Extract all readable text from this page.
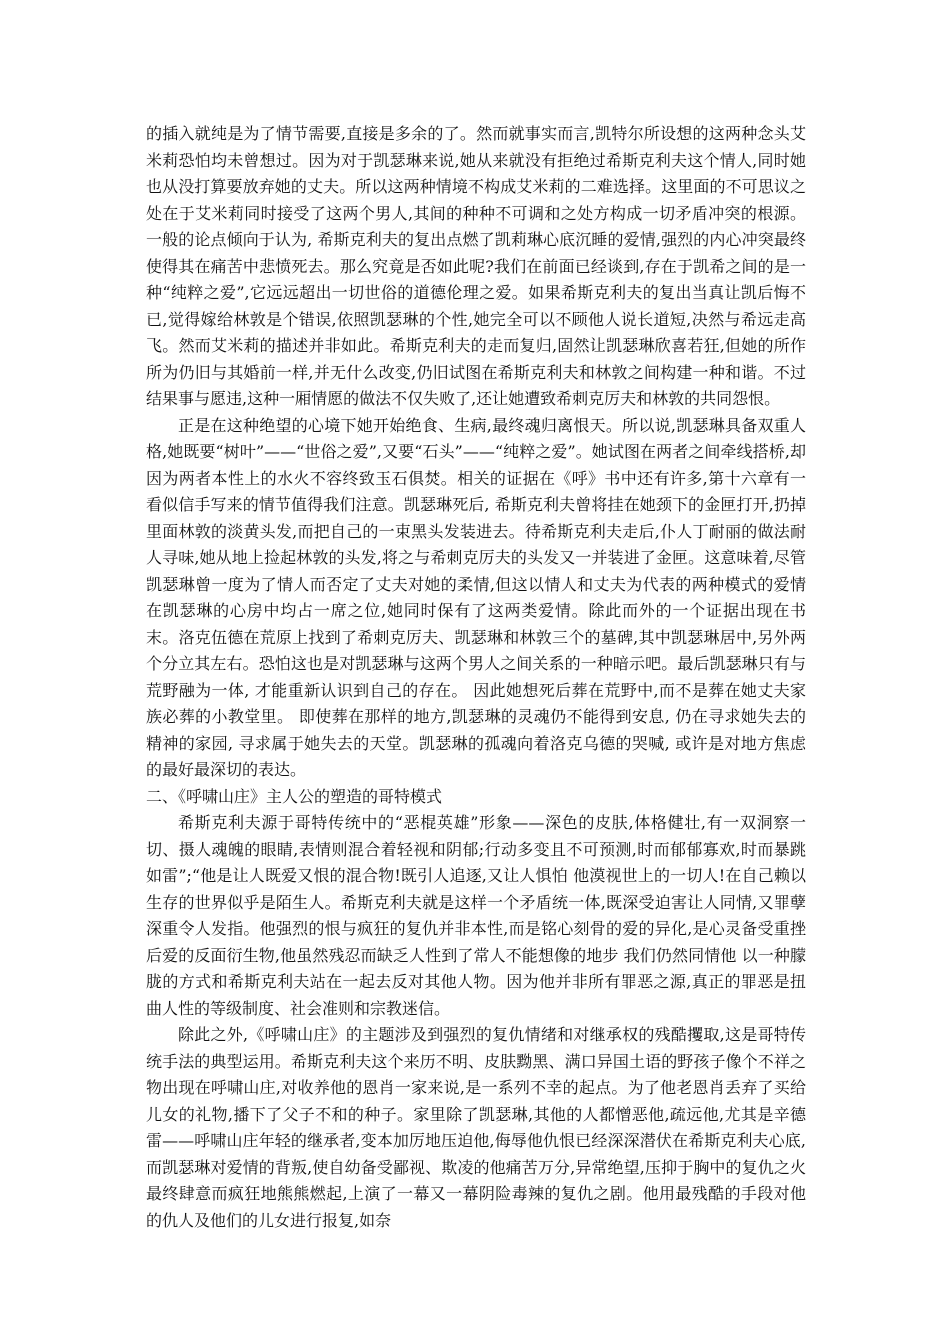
的插入就纯是为了情节需要,直接是多余的了。然而就事实而言,凯特尔所设想的这两种念头艾米莉恐怕均未曾想过。因为对于凯瑟琳来说,她从来就没有拒绝过希斯克利夫这个情人,同时她也从没打算要放弃她的丈夫。所以这两种情境不构成艾米莉的二难选择。这里面的不可思议之处在于艾米莉同时接受了这两个男人,其间的种种不可调和之处方构成一切矛盾冲突的根源。一般的论点倾向于认为, 希斯克利夫的复出点燃了凯莉琳心底沉睡的爱情,强烈的内心冲突最终使得其在痛苦中悲愤死去。那么究竟是否如此呢?我们在前面已经谈到,存在于凯希之间的是一种“纯粹之爱”,它远远超出一切世俗的道德伦理之爱。如果希斯克利夫的复出当真让凯后悔不已,觉得嫁给林敦是个错误,依照凯瑟琳的个性,她完全可以不顾他人说长道短,决然与希远走高飞。然而艾米莉的描述并非如此。希斯克利夫的走而复归,固然让凯瑟琳欣喜若狂,但她的所作所为仍旧与其婚前一样,并无什么改变,仍旧试图在希斯克利夫和林敦之间构建一种和谐。不过结果事与愿违,这种一厢情愿的做法不仅失败了,还让她遭致希刺克厉夫和林敦的共同怨恨。

正是在这种绝望的心境下她开始绝食、生病,最终魂归离恨天。所以说,凯瑟琳具备双重人格,她既要“树叶”——“世俗之爱”,又要“石头”——“纯粹之爱”。她试图在两者之间牵线搭桥,却因为两者本性上的水火不容终致玉石俱焚。相关的证据在《呼》书中还有许多,第十六章有一看似信手写来的情节值得我们注意。凯瑟琳死后, 希斯克利夫曾将挂在她颈下的金匣打开,扔掉里面林敦的淡黄头发,而把自己的一束黑头发装进去。待希斯克利夫走后,仆人丁耐丽的做法耐人寻味,她从地上捡起林敦的头发,将之与希刺克厉夫的头发又一并装进了金匣。这意味着,尽管凯瑟琳曾一度为了情人而否定了丈夫对她的柔情,但这以情人和丈夫为代表的两种模式的爱情在凯瑟琳的心房中均占一席之位,她同时保有了这两类爱情。除此而外的一个证据出现在书末。洛克伍德在荒原上找到了希刺克厉夫、凯瑟琳和林敦三个的墓碑,其中凯瑟琳居中,另外两个分立其左右。恐怕这也是对凯瑟琳与这两个男人之间关系的一种暗示吧。最后凯瑟琳只有与荒野融为一体, 才能重新认识到自己的存在。 因此她想死后葬在荒野中,而不是葬在她丈夫家族必葬的小教堂里。 即使葬在那样的地方,凯瑟琳的灵魂仍不能得到安息, 仍在寻求她失去的精神的家园, 寻求属于她失去的天堂。凯瑟琳的孤魂向着洛克乌德的哭喊, 或许是对地方焦虑的最好最深切的表达。

二、《呼啸山庄》主人公的塑造的哥特模式

希斯克利夫源于哥特传统中的“恶棍英雄”形象——深色的皮肤,体格健壮,有一双洞察一切、摄人魂魄的眼睛,表情则混合着轻视和阴郁;行动多变且不可预测,时而郁郁寡欢,时而暴跳如雷”;“他是让人既爱又恨的混合物!既引人追逐,又让人惧怕 他漠视世上的一切人!在自己赖以生存的世界似乎是陌生人。希斯克利夫就是这样一个矛盾统一体,既深受迫害让人同情,又罪孽深重令人发指。他强烈的恨与疯狂的复仇并非本性,而是铭心刻骨的爱的异化,是心灵备受重挫后爱的反面衍生物,他虽然残忍而缺乏人性到了常人不能想像的地步 我们仍然同情他 以一种朦胧的方式和希斯克利夫站在一起去反对其他人物。因为他并非所有罪恶之源,真正的罪恶是扭曲人性的等级制度、社会准则和宗教迷信。

除此之外,《呼啸山庄》的主题涉及到强烈的复仇情绪和对继承权的残酷攫取,这是哥特传统手法的典型运用。希斯克利夫这个来历不明、皮肤黝黑、满口异国土语的野孩子像个不祥之物出现在呼啸山庄,对收养他的恩肖一家来说,是一系列不幸的起点。为了他老恩肖丢弃了买给儿女的礼物,播下了父子不和的种子。家里除了凯瑟琳,其他的人都憎恶他,疏远他,尤其是辛德雷——呼啸山庄年轻的继承者,变本加厉地压迫他,侮辱他仇恨已经深深潜伏在希斯克利夫心底,而凯瑟琳对爱情的背叛,使自幼备受鄙视、欺凌的他痛苦万分,异常绝望,压抑于胸中的复仇之火最终肆意而疯狂地熊熊燃起,上演了一幕又一幕阴险毒辣的复仇之剧。他用最残酷的手段对他的仇人及他们的儿女进行报复,如奈
